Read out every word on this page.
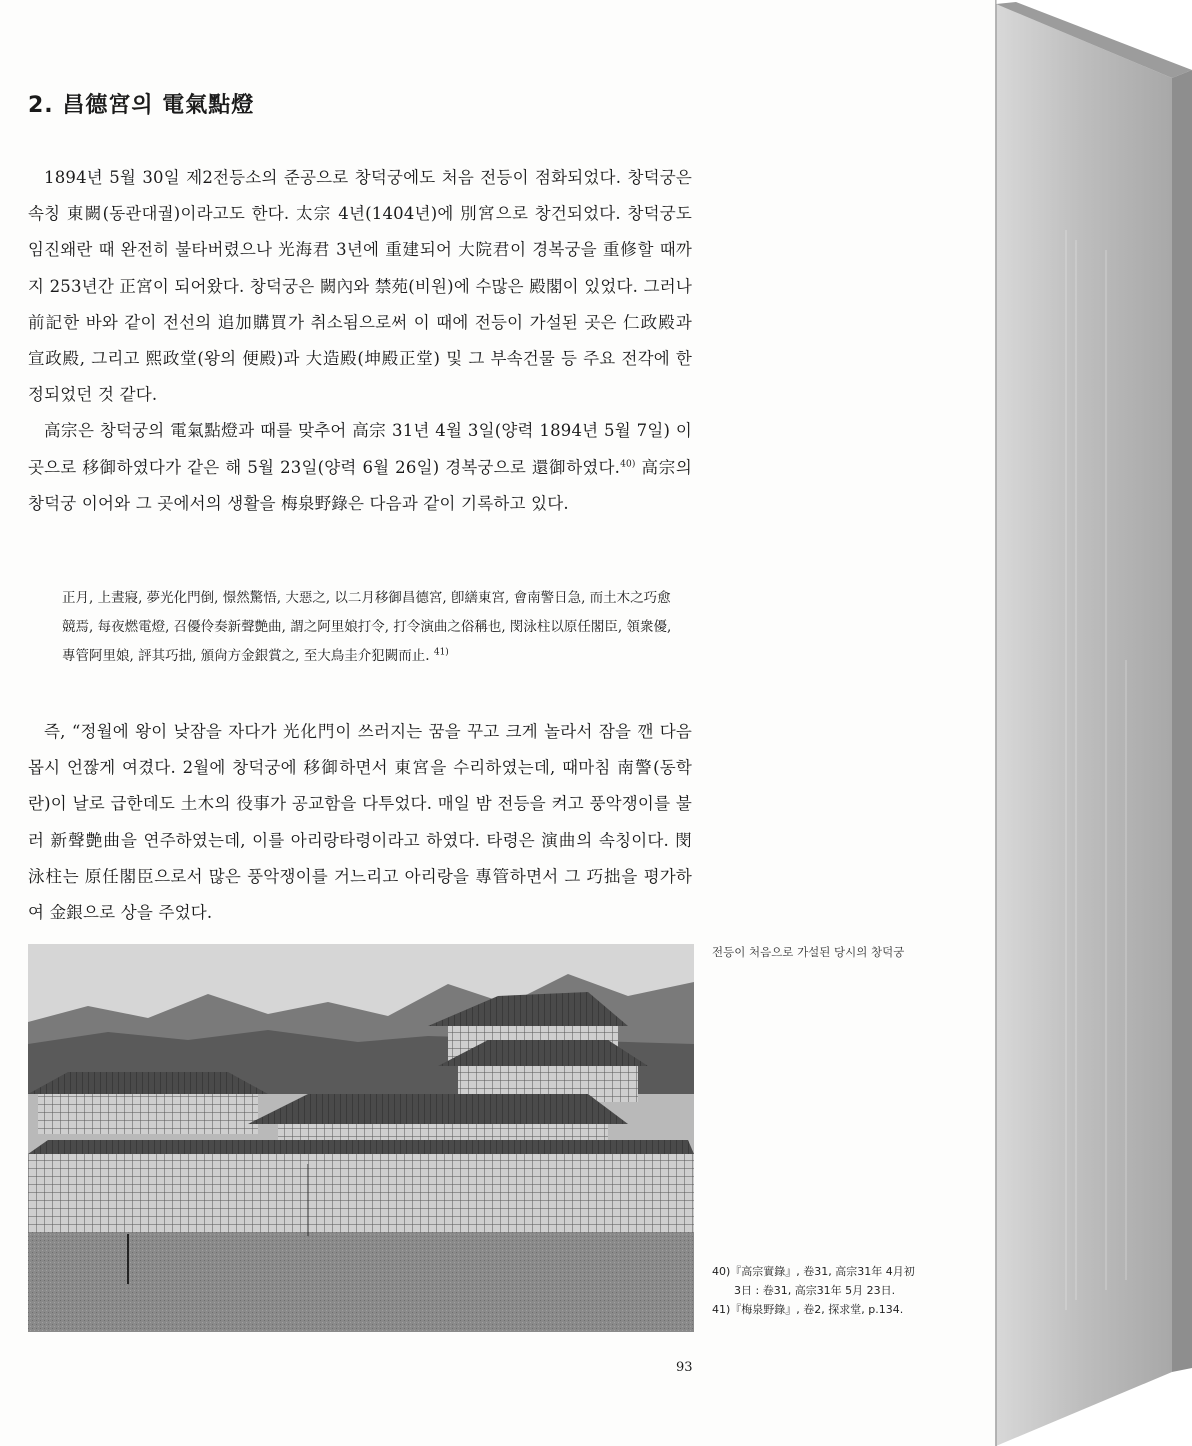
2. 昌德宮의 電氣點燈

1894년 5월 30일 제2전등소의 준공으로 창덕궁에도 처음 전등이 점화되었다. 창덕궁은 속칭 東闕(동관대궐)이라고도 한다. 太宗 4년(1404년)에 別宮으로 창건되었다. 창덕궁도 임진왜란 때 완전히 불타버렸으나 光海君 3년에 重建되어 大院君이 경복궁을 重修할 때까지 253년간 正宮이 되어왔다. 창덕궁은 闕內와 禁苑(비원)에 수많은 殿閣이 있었다. 그러나 前記한 바와 같이 전선의 追加購買가 취소됨으로써 이 때에 전등이 가설된 곳은 仁政殿과 宣政殿, 그리고 熙政堂(왕의 便殿)과 大造殿(坤殿正堂) 및 그 부속건물 등 주요 전각에 한정되었던 것 같다.

高宗은 창덕궁의 電氣點燈과 때를 맞추어 高宗 31년 4월 3일(양력 1894년 5월 7일) 이 곳으로 移御하였다가 같은 해 5월 23일(양력 6월 26일) 경복궁으로 還御하였다.$^{40)}$ 高宗의 창덕궁 이어와 그 곳에서의 생활을 梅泉野錄은 다음과 같이 기록하고 있다.

正月, 上晝寢, 夢光化門倒, 憬然驚悟, 大惡之, 以二月移御昌德宮, 卽繕東宮, 會南警日急, 而土木之巧愈競焉, 每夜燃電燈, 召優伶奏新聲艶曲, 謂之阿里娘打令, 打令演曲之俗稱也, 閔泳柱以原任閣臣, 領衆優, 專管阿里娘, 評其巧拙, 頒尙方金銀賞之, 至大鳥圭介犯闕而止. $^{41)}$

즉, “정월에 왕이 낮잠을 자다가 光化門이 쓰러지는 꿈을 꾸고 크게 놀라서 잠을 깬 다음 몹시 언짢게 여겼다. 2월에 창덕궁에 移御하면서 東宮을 수리하였는데, 때마침 南警(동학란)이 날로 급한데도 土木의 役事가 공교함을 다투었다. 매일 밤 전등을 켜고 풍악쟁이를 불러 新聲艶曲을 연주하였는데, 이를 아리랑타령이라고 하였다. 타령은 演曲의 속칭이다. 閔泳柱는 原任閣臣으로서 많은 풍악쟁이를 거느리고 아리랑을 專管하면서 그 巧拙을 평가하여 金銀으로 상을 주었다.

전등이 처음으로 가설된 당시의 창덕궁

40)『高宗實錄』, 卷31, 高宗31年 4月初

3日 : 卷31, 高宗31年 5月 23日.

41)『梅泉野錄』, 卷2, 探求堂, p.134.

93
